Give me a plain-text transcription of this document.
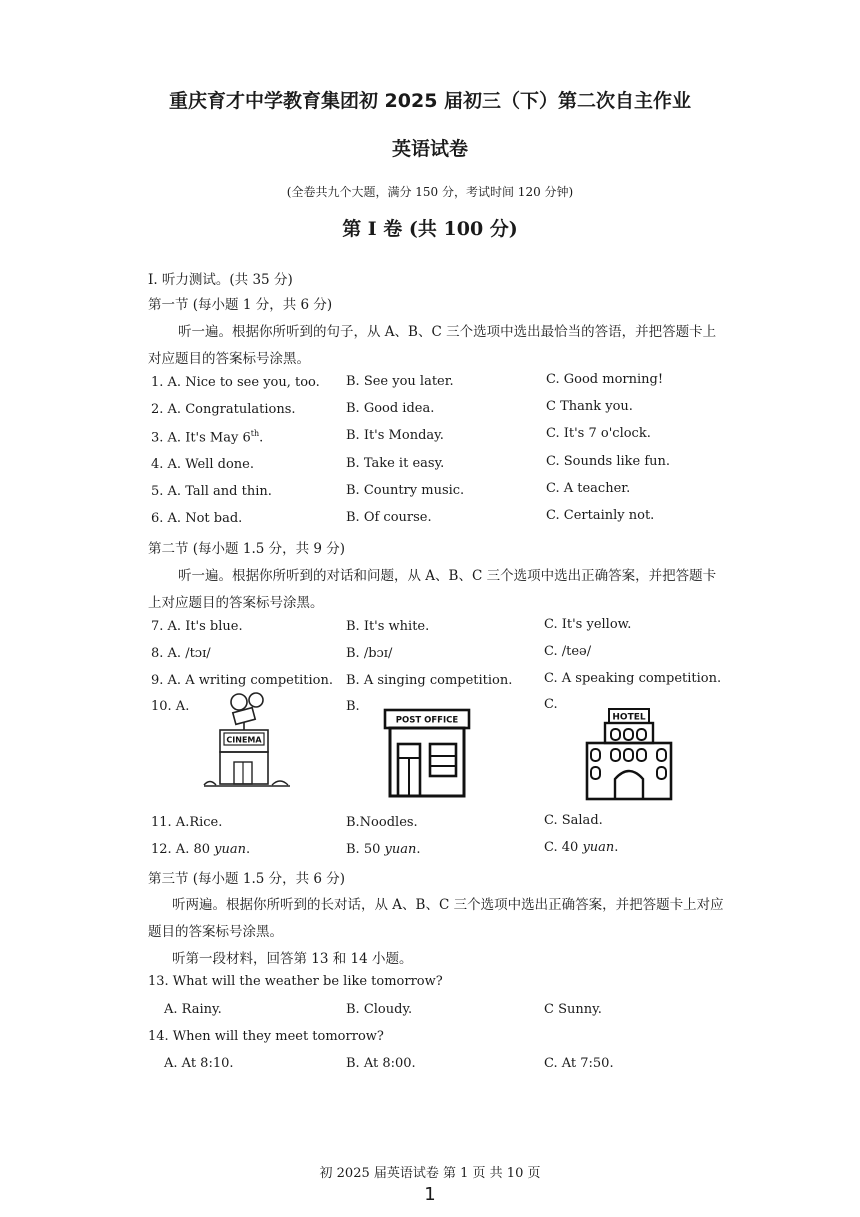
重庆育才中学教育集团初 2025 届初三（下）第二次自主作业
英语试卷
(全卷共九个大题，满分 150 分，考试时间 120 分钟)
第 I 卷 (共 100 分)
I. 听力测试。(共 35 分)
第一节 (每小题 1 分，共 6 分)
听一遍。根据你所听到的句子，从 A、B、C 三个选项中选出最恰当的答语，并把答题卡上
对应题目的答案标号涂黑。
1. A. Nice to see you, too. B. See you later.	C. Good morning!
2. A. Congratulations.	B. Good idea.	C Thank you.
3. A. It's May 6th.	B. It's Monday.	C. It's 7 o'clock.
4. A. Well done.	B. Take it easy.	C. Sounds like fun.
5. A. Tall and thin.	B. Country music.	C. A teacher.
6. A. Not bad.	B. Of course.	C. Certainly not.
第二节 (每小题 1.5 分，共 9 分)
听一遍。根据你所听到的对话和问题，从 A、B、C 三个选项中选出正确答案，并把答题卡
上对应题目的答案标号涂黑。
7. A. It's blue.	B. It's white.	C. It's yellow.
8. A. /tɔɪ/	B. /bɔɪ/	C. /teə/
9. A. A writing competition. B. A singing competition. C. A speaking competition.
10. A.	B.	C.
CINEMA
POST OFFICE	HOTEL
11. A.Rice.	B.Noodles.	C. Salad.
12. A. 80 yuan.	B. 50 yuan.	C. 40 yuan.
第三节 (每小题 1.5 分，共 6 分)
听两遍。根据你所听到的长对话，从 A、B、C 三个选项中选出正确答案，并把答题卡上对应
题目的答案标号涂黑。
听第一段材料，回答第 13 和 14 小题。
13. What will the weather be like tomorrow?
A. Rainy.	B. Cloudy.	C Sunny.
14. When will they meet tomorrow?
A. At 8:10.	B. At 8:00.	C. At 7:50.
初 2025 届英语试卷 第 1 页 共 10 页
1
